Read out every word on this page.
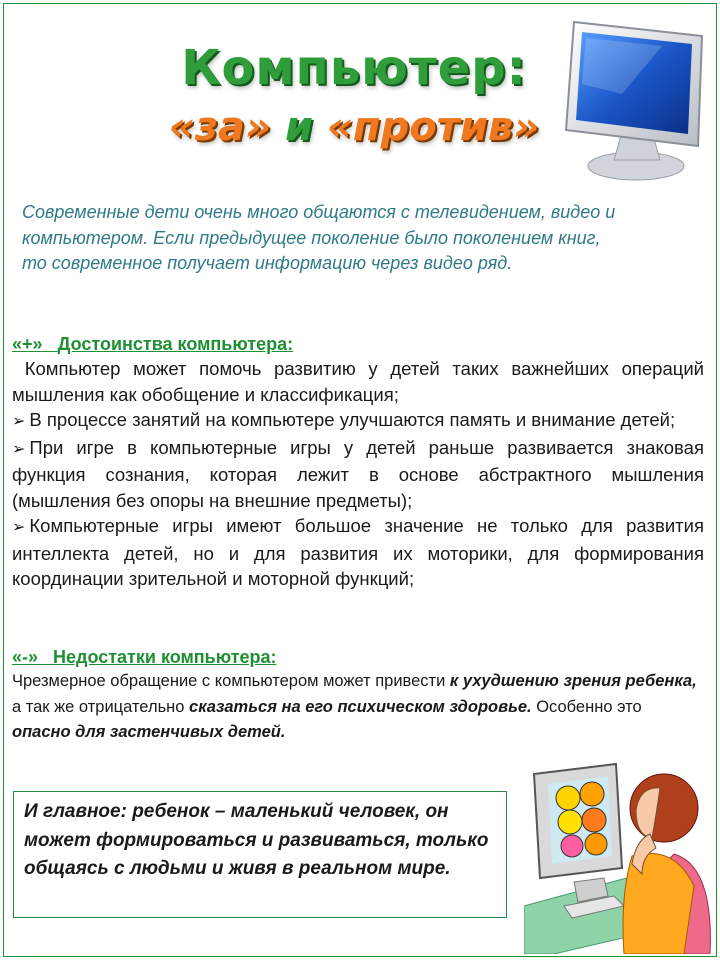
Компьютер:
«за» и «против»
Современные дети очень много общаются с телевидением, видео и компьютером. Если предыдущее поколение было поколением книг, то современное получает информацию через видео ряд.
«+» Достоинства компьютера:

Компьютер может помочь развитию у детей таких важнейших операций мышления как обобщение и классификация;

➢ В процессе занятий на компьютере улучшаются память и внимание детей;

➢ При игре в компьютерные игры у детей раньше развивается знаковая функция сознания, которая лежит в основе абстрактного мышления (мышления без опоры на внешние предметы);

➢ Компьютерные игры имеют большое значение не только для развития интеллекта детей, но и для развития их моторики, для формирования координации зрительной и моторной функций;

«-» Недостатки компьютера:

Чрезмерное обращение с компьютером может привести к ухудшению зрения ребенка, а так же отрицательно сказаться на его психическом здоровье. Особенно это опасно для застенчивых детей.

И главное: ребенок – маленький человек, он может формироваться и развиваться, только общаясь с людьми и живя в реальном мире.
